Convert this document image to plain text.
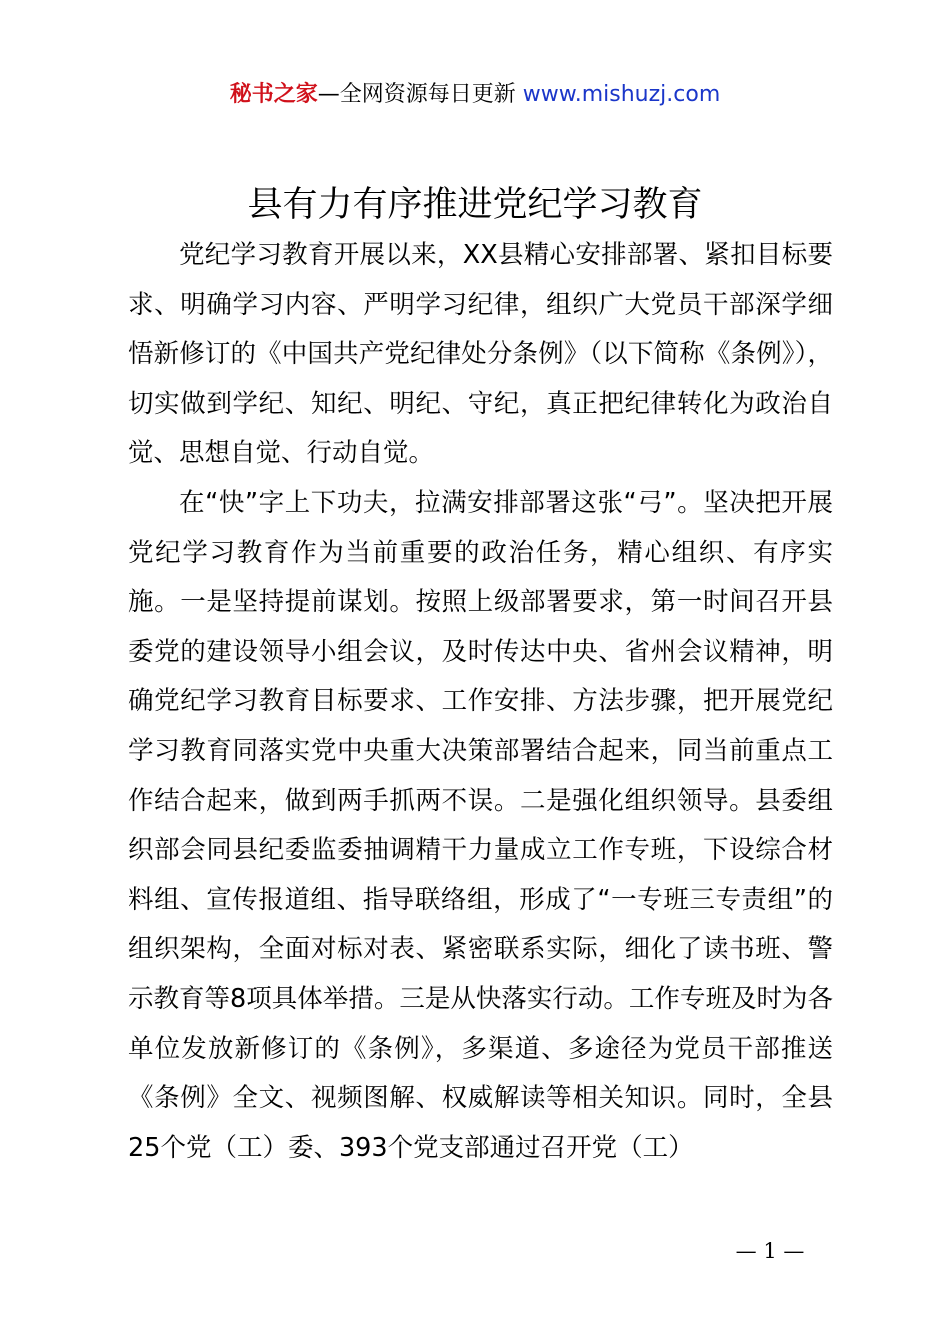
秘书之家—全网资源每日更新 www.mishuzj.com
县有力有序推进党纪学习教育

党纪学习教育开展以来，XX县精心安排部署、紧扣目标要求、明确学习内容、严明学习纪律，组织广大党员干部深学细悟新修订的《中国共产党纪律处分条例》（以下简称《条例》），切实做到学纪、知纪、明纪、守纪，真正把纪律转化为政治自觉、思想自觉、行动自觉。

在“快”字上下功夫，拉满安排部署这张“弓”。坚决把开展党纪学习教育作为当前重要的政治任务，精心组织、有序实施。一是坚持提前谋划。按照上级部署要求，第一时间召开县委党的建设领导小组会议，及时传达中央、省州会议精神，明确党纪学习教育目标要求、工作安排、方法步骤，把开展党纪学习教育同落实党中央重大决策部署结合起来，同当前重点工作结合起来，做到两手抓两不误。二是强化组织领导。县委组织部会同县纪委监委抽调精干力量成立工作专班，下设综合材料组、宣传报道组、指导联络组，形成了“一专班三专责组”的组织架构，全面对标对表、紧密联系实际，细化了读书班、警示教育等8项具体举措。三是从快落实行动。工作专班及时为各单位发放新修订的《条例》，多渠道、多途径为党员干部推送《条例》全文、视频图解、权威解读等相关知识。同时，全县25个党（工）委、393个党支部通过召开党（工）

— 1 —
